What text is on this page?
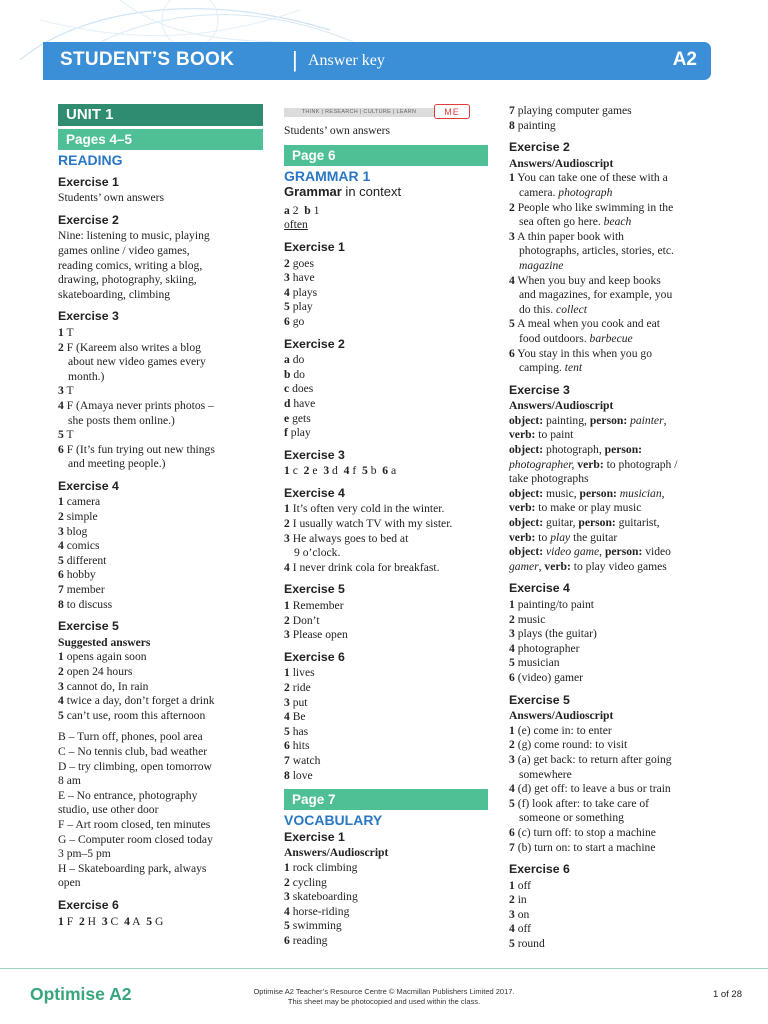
STUDENT’S BOOK	| Answer key	A2
UNIT 1
Pages 4–5
READING
Exercise 1
Students’ own answers
Exercise 2
Nine: listening to music, playing
games online / video games,
reading comics, writing a blog,
drawing, photography, skiing,
skateboarding, climbing
Exercise 3
1 T
2 F (Kareem also writes a blog
about new video games every
month.)
3 T
4 F (Amaya never prints photos –
she posts them online.)
5 T
6 F (It’s fun trying out new things
and meeting people.)
Exercise 4
1 camera
2 simple
3 blog
4 comics
5 different
6 hobby
7 member
8 to discuss
Exercise 5
Suggested answers
1 opens again soon
2 open 24 hours
3 cannot do, In rain
4 twice a day, don’t forget a drink
5 can’t use, room this afternoon
B – Turn off, phones, pool area
C – No tennis club, bad weather
D – try climbing, open tomorrow
8 am
E – No entrance, photography
studio, use other door
F – Art room closed, ten minutes
G – Computer room closed today
3 pm–5 pm
H – Skateboarding park, always
open
Exercise 6
1 F 2 H 3 C 4 A 5 G
THINK | RESEARCH | CULTURE | LEARN	ME
Students’ own answers
Page 6
GRAMMAR 1
Grammar in context
a 2 b 1
often
Exercise 1
2 goes
3 have
4 plays
5 play
6 go
Exercise 2
a do
b do
c does
d have
e gets
f play
Exercise 3
1 c 2 e 3 d 4 f 5 b 6 a
Exercise 4
1 It’s often very cold in the winter.
2 I usually watch TV with my sister.
3 He always goes to bed at
9 o’clock.
4 I never drink cola for breakfast.
Exercise 5
1 Remember
2 Don’t
3 Please open
Exercise 6
1 lives
2 ride
3 put
4 Be
5 has
6 hits
7 watch
8 love
Page 7
VOCABULARY
Exercise 1
Answers/Audioscript
1 rock climbing
2 cycling
3 skateboarding
4 horse-riding
5 swimming
6 reading
7 playing computer games
8 painting
Exercise 2
Answers/Audioscript
1 You can take one of these with a
camera. photograph
2 People who like swimming in the
sea often go here. beach
3 A thin paper book with
photographs, articles, stories, etc.
magazine
4 When you buy and keep books
and magazines, for example, you
do this. collect
5 A meal when you cook and eat
food outdoors. barbecue
6 You stay in this when you go
camping. tent
Exercise 3
Answers/Audioscript
object: painting, person: painter,
verb: to paint
object: photograph, person:
photographer, verb: to photograph /
take photographs
object: music, person: musician,
verb: to make or play music
object: guitar, person: guitarist,
verb: to play the guitar
object: video game, person: video
gamer, verb: to play video games
Exercise 4
1 painting/to paint
2 music
3 plays (the guitar)
4 photographer
5 musician
6 (video) gamer
Exercise 5
Answers/Audioscript
1 (e) come in: to enter
2 (g) come round: to visit
3 (a) get back: to return after going
somewhere
4 (d) get off: to leave a bus or train
5 (f) look after: to take care of
someone or something
6 (c) turn off: to stop a machine
7 (b) turn on: to start a machine
Exercise 6
1 off
2 in
3 on
4 off
5 round
Optimise A2	Optimise A2 Teacher’s Resource Centre © Macmillan Publishers Limited 2017.
This sheet may be photocopied and used within the class.
1 of 28
